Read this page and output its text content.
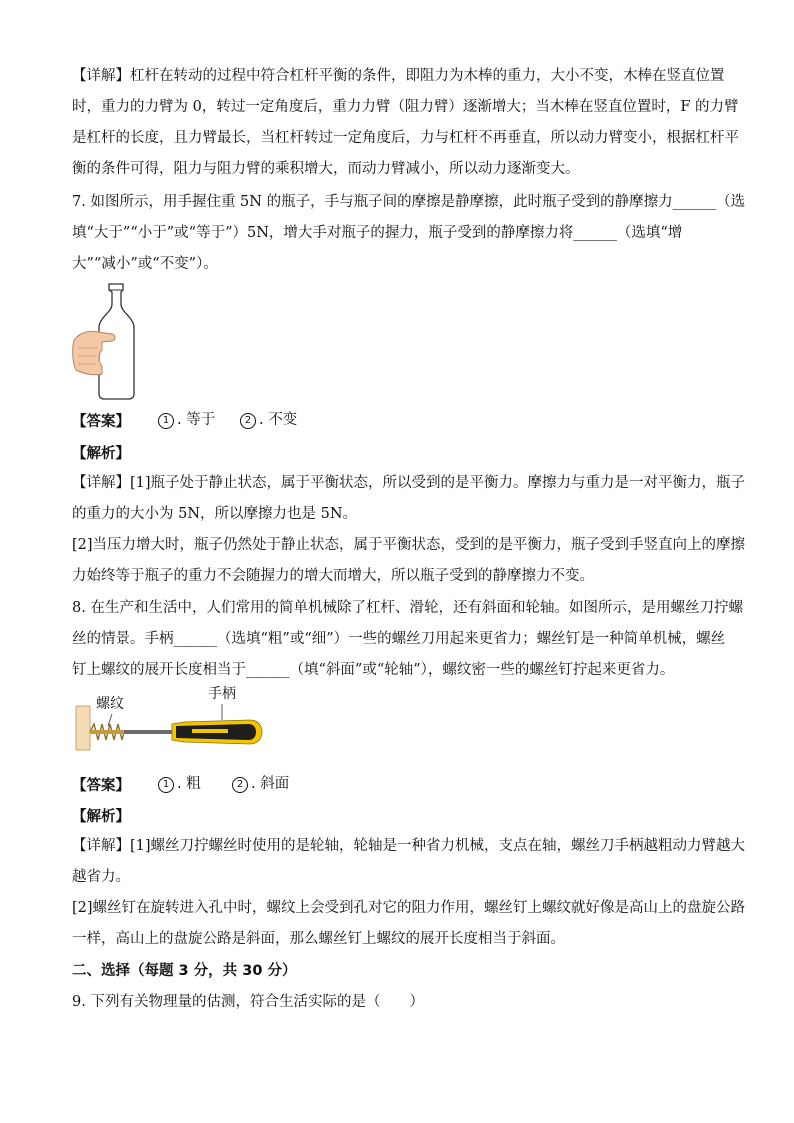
【详解】杠杆在转动的过程中符合杠杆平衡的条件，即阻力为木棒的重力，大小不变，木棒在竖直位置
时，重力的力臂为 0，转过一定角度后，重力力臂（阻力臂）逐渐增大；当木棒在竖直位置时，F 的力臂
是杠杆的长度，且力臂最长，当杠杆转过一定角度后，力与杠杆不再垂直，所以动力臂变小，根据杠杆平
衡的条件可得，阻力与阻力臂的乘积增大，而动力臂减小，所以动力逐渐变大。
7. 如图所示，用手握住重 5N 的瓶子，手与瓶子间的摩擦是静摩擦，此时瓶子受到的静摩擦力______（选
填“大于”“小于”或“等于”）5N，增大手对瓶子的握力，瓶子受到的静摩擦力将______（选填“增
大”“减小”或“不变”）。
【答案】	1 . 等于	2 . 不变
【解析】
【详解】[1]瓶子处于静止状态，属于平衡状态，所以受到的是平衡力。摩擦力与重力是一对平衡力，瓶子
的重力的大小为 5N，所以摩擦力也是 5N。
[2]当压力增大时，瓶子仍然处于静止状态，属于平衡状态，受到的是平衡力，瓶子受到手竖直向上的摩擦
力始终等于瓶子的重力不会随握力的增大而增大，所以瓶子受到的静摩擦力不变。
8. 在生产和生活中，人们常用的简单机械除了杠杆、滑轮，还有斜面和轮轴。如图所示，是用螺丝刀拧螺
丝的情景。手柄______（选填“粗”或“细”）一些的螺丝刀用起来更省力；螺丝钉是一种简单机械，螺丝
钉上螺纹的展开长度相当于______（填“斜面”或“轮轴”），螺纹密一些的螺丝钉拧起来更省力。
螺纹
手柄
【答案】	1 . 粗	2 . 斜面
【解析】
【详解】[1]螺丝刀拧螺丝时使用的是轮轴，轮轴是一种省力机械，支点在轴，螺丝刀手柄越粗动力臂越大
越省力。
[2]螺丝钉在旋转进入孔中时，螺纹上会受到孔对它的阻力作用，螺丝钉上螺纹就好像是高山上的盘旋公路
一样，高山上的盘旋公路是斜面，那么螺丝钉上螺纹的展开长度相当于斜面。
二、选择（每题 3 分，共 30 分）
9. 下列有关物理量的估测，符合生活实际的是（　　）
